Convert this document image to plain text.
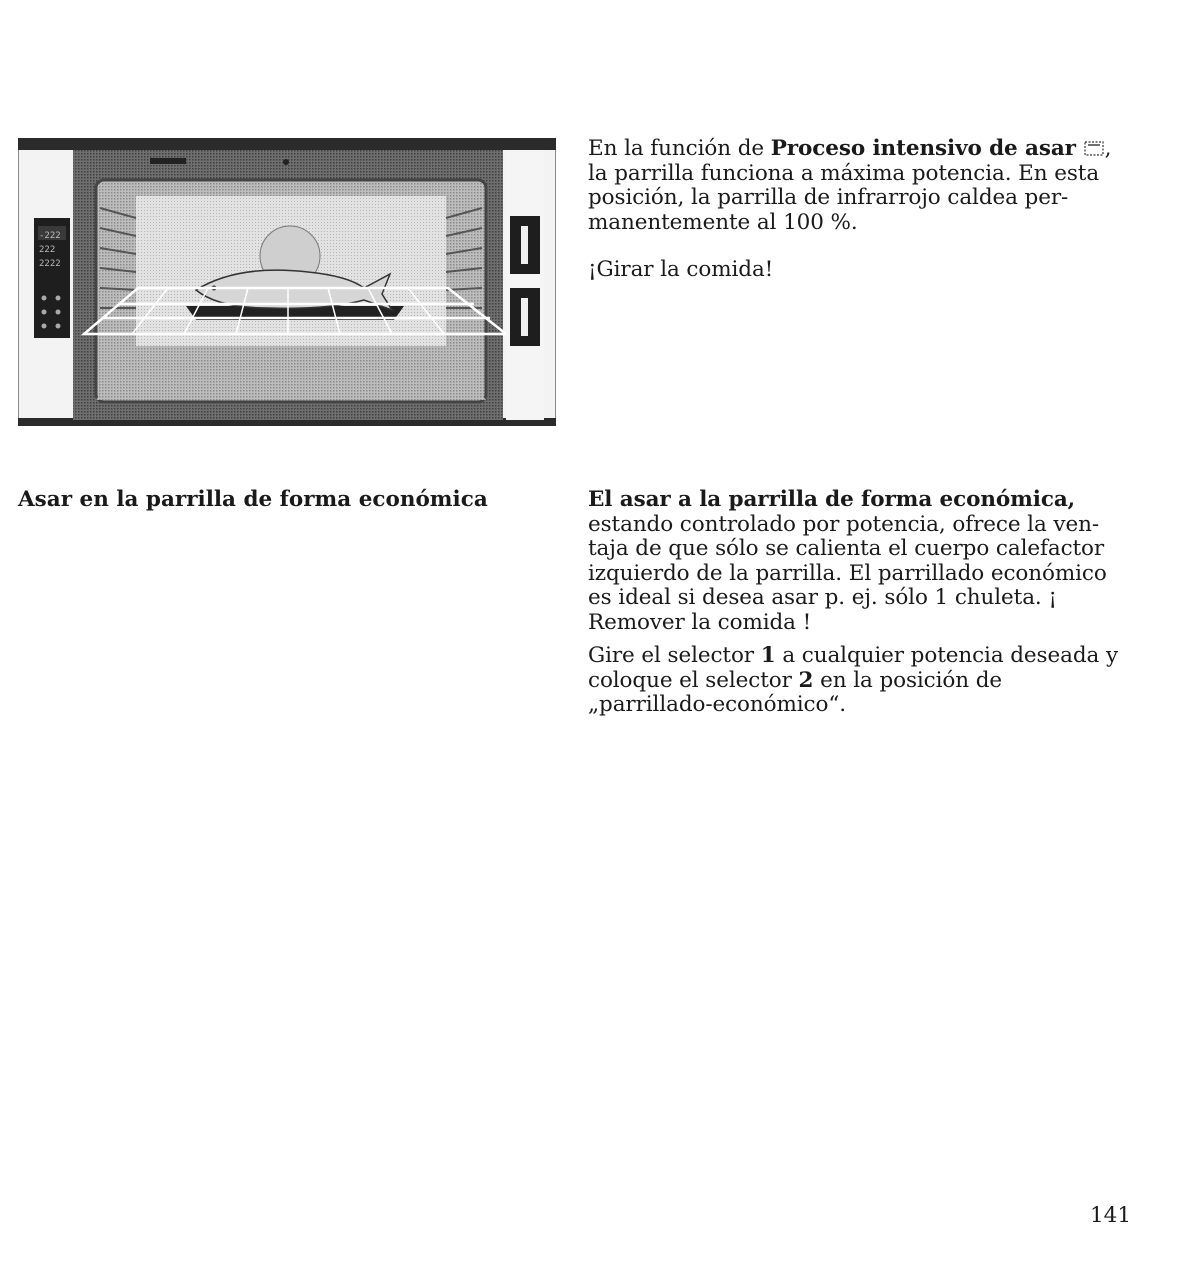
-222
222
2222

En la función de Proceso intensivo de asar , la parrilla funciona a máxima potencia. En esta posición, la parrilla de infrarrojo caldea per-manentemente al 100 %.

¡Girar la comida!

Asar en la parrilla de forma económica	El asar a la parrilla de forma económica, estando controlado por potencia, ofrece la ven-taja de que sólo se calienta el cuerpo calefactor izquierdo de la parrilla. El parrillado económico es ideal si desea asar p. ej. sólo 1 chuleta. ¡ Remover la comida !

Gire el selector 1 a cualquier potencia deseada y coloque el selector 2 en la posición de „parrillado-económico“.

141
